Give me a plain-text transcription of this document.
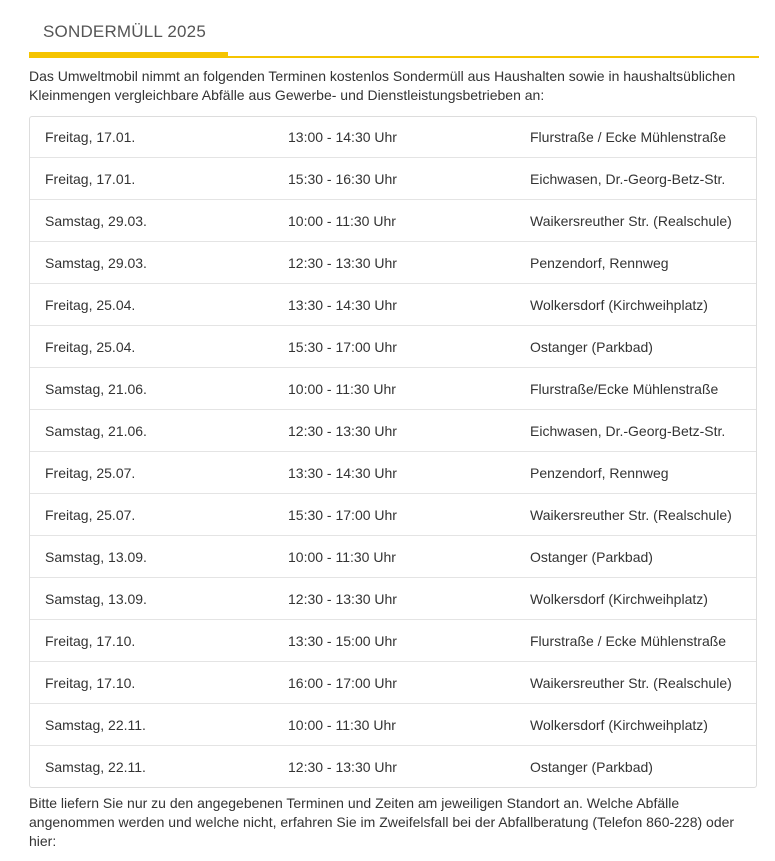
SONDERMÜLL 2025
Das Umweltmobil nimmt an folgenden Terminen kostenlos Sondermüll aus Haushalten sowie in haushaltsüblichen Kleinmengen vergleichbare Abfälle aus Gewerbe- und Dienstleistungsbetrieben an:
Freitag, 17.01.	13:00 - 14:30 Uhr	Flurstraße / Ecke Mühlenstraße
Freitag, 17.01.	15:30 - 16:30 Uhr	Eichwasen, Dr.-Georg-Betz-Str.
Samstag, 29.03.	10:00 - 11:30 Uhr	Waikersreuther Str. (Realschule)
Samstag, 29.03.	12:30 - 13:30 Uhr	Penzendorf, Rennweg
Freitag, 25.04.	13:30 - 14:30 Uhr	Wolkersdorf (Kirchweihplatz)
Freitag, 25.04.	15:30 - 17:00 Uhr	Ostanger (Parkbad)
Samstag, 21.06.	10:00 - 11:30 Uhr	Flurstraße/Ecke Mühlenstraße
Samstag, 21.06.	12:30 - 13:30 Uhr	Eichwasen, Dr.-Georg-Betz-Str.
Freitag, 25.07.	13:30 - 14:30 Uhr	Penzendorf, Rennweg
Freitag, 25.07.	15:30 - 17:00 Uhr	Waikersreuther Str. (Realschule)
Samstag, 13.09.	10:00 - 11:30 Uhr	Ostanger (Parkbad)
Samstag, 13.09.	12:30 - 13:30 Uhr	Wolkersdorf (Kirchweihplatz)
Freitag, 17.10.	13:30 - 15:00 Uhr	Flurstraße / Ecke Mühlenstraße
Freitag, 17.10.	16:00 - 17:00 Uhr	Waikersreuther Str. (Realschule)
Samstag, 22.11.	10:00 - 11:30 Uhr	Wolkersdorf (Kirchweihplatz)
Samstag, 22.11.	12:30 - 13:30 Uhr	Ostanger (Parkbad)
Bitte liefern Sie nur zu den angegebenen Terminen und Zeiten am jeweiligen Standort an. Welche Abfälle angenommen werden und welche nicht, erfahren Sie im Zweifelsfall bei der Abfallberatung (Telefon 860-228) oder hier:
